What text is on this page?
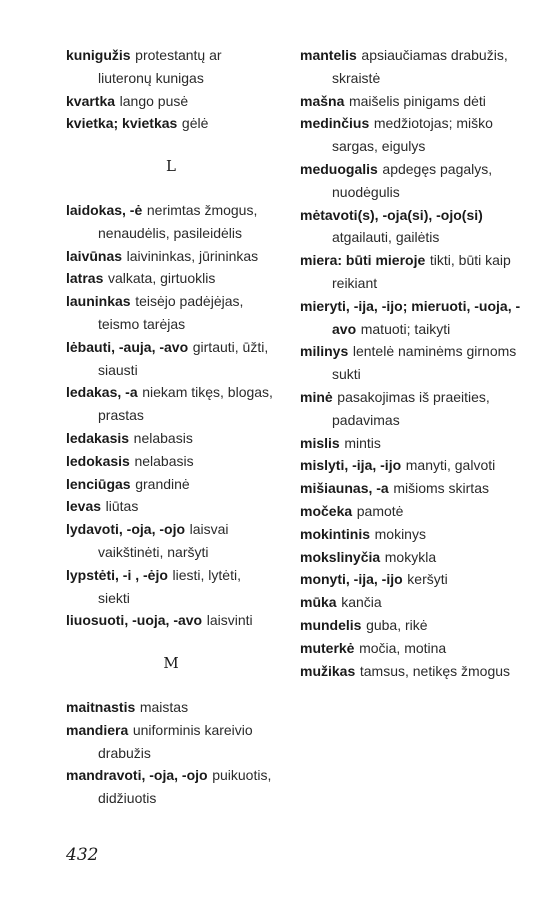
kunigužis protestantų ar liuteronų kunigas

kvartka lango pusė

kvietka; kvietkas gėlė

L

laidokas, -ė nerimtas žmogus, nenaudėlis, pasileidėlis

laivūnas laivininkas, jūrininkas

latras valkata, girtuoklis

launinkas teisėjo padėjėjas, teismo tarėjas

lėbauti, -auja, -avo girtauti, ūžti, siausti

ledakas, -a niekam tikęs, blogas, prastas

ledakasis nelabasis

ledokasis nelabasis

lenciūgas grandinė

levas liūtas

lydavoti, -oja, -ojo laisvai vaikštinėti, naršyti

lypstėti, -i , -ėjo liesti, lytėti, siekti

liuosuoti, -uoja, -avo laisvinti

M

maitnastis maistas

mandiera uniforminis kareivio drabužis

mandravoti, -oja, -ojo puikuotis, didžiuotis

mantelis apsiaučiamas drabužis, skraistė

mašna maišelis pinigams dėti

medinčius medžiotojas; miško sargas, eigulys

meduogalis apdegęs pagalys, nuodėgulis

mėtavoti(s), -oja(si), -ojo(si) atgailauti, gailėtis

miera: būti mieroje tikti, būti kaip reikiant

mieryti, -ija, -ijo; mieruoti, -uoja, -avo matuoti; taikyti

milinys lentelė naminėms girnoms sukti

minė pasakojimas iš praeities, padavimas

mislis mintis

mislyti, -ija, -ijo manyti, galvoti

mišiaunas, -a mišioms skirtas

močeka pamotė

mokintinis mokinys

mokslinyčia mokykla

monyti, -ija, -ijo keršyti

mūka kančia

mundelis guba, rikė

muterkė močia, motina

mužikas tamsus, netikęs žmogus

432
